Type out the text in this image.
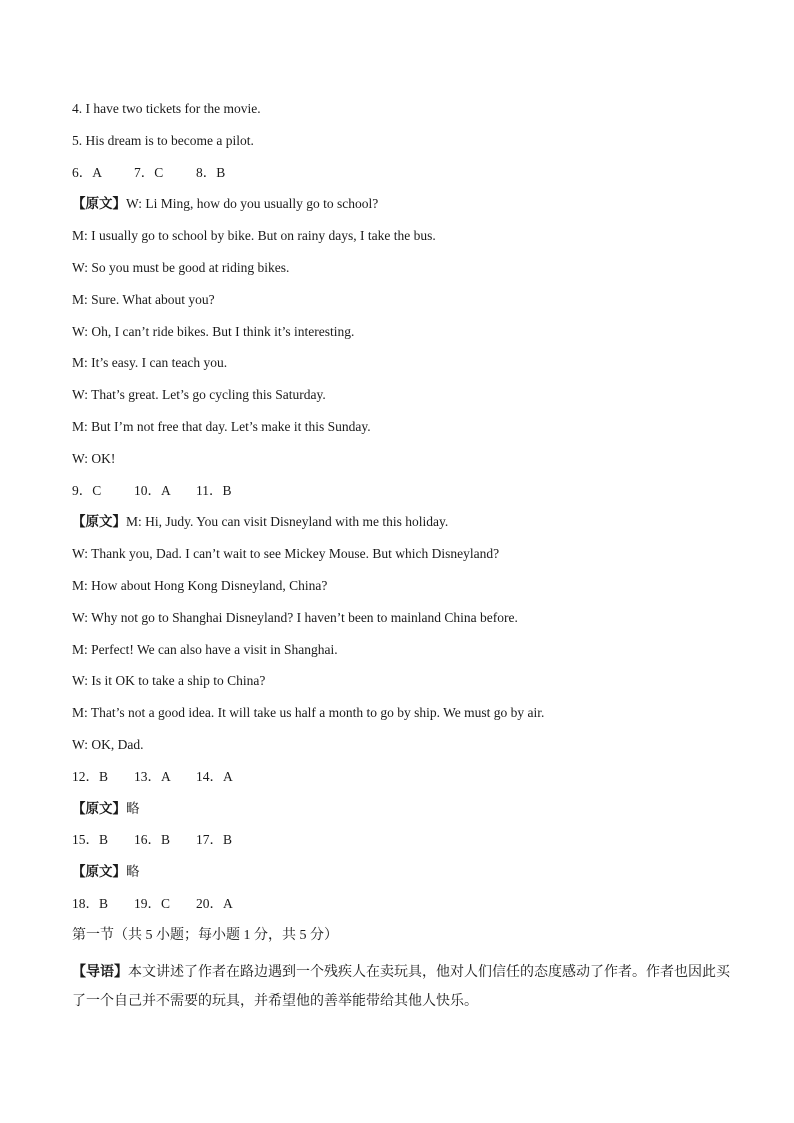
4. I have two tickets for the movie.
5. His dream is to become a pilot.
6．A 7．C 8．B
【原文】W: Li Ming, how do you usually go to school?
M: I usually go to school by bike. But on rainy days, I take the bus.
W: So you must be good at riding bikes.
M: Sure. What about you?
W: Oh, I can’t ride bikes. But I think it’s interesting.
M: It’s easy. I can teach you.
W: That’s great. Let’s go cycling this Saturday.
M: But I’m not free that day. Let’s make it this Sunday.
W: OK!
9．C 10．A 11．B
【原文】M: Hi, Judy. You can visit Disneyland with me this holiday.
W: Thank you, Dad. I can’t wait to see Mickey Mouse. But which Disneyland?
M: How about Hong Kong Disneyland, China?
W: Why not go to Shanghai Disneyland? I haven’t been to mainland China before.
M: Perfect! We can also have a visit in Shanghai.
W: Is it OK to take a ship to China?
M: That’s not a good idea. It will take us half a month to go by ship. We must go by air.
W: OK, Dad.
12．B 13．A 14．A
【原文】略
15．B 16．B 17．B
【原文】略
18．B 19．C 20．A
第一节（共 5 小题；每小题 1 分，共 5 分）

【导语】本文讲述了作者在路边遇到一个残疾人在卖玩具，他对人们信任的态度感动了作者。作者也因此买了一个自己并不需要的玩具，并希望他的善举能带给其他人快乐。
